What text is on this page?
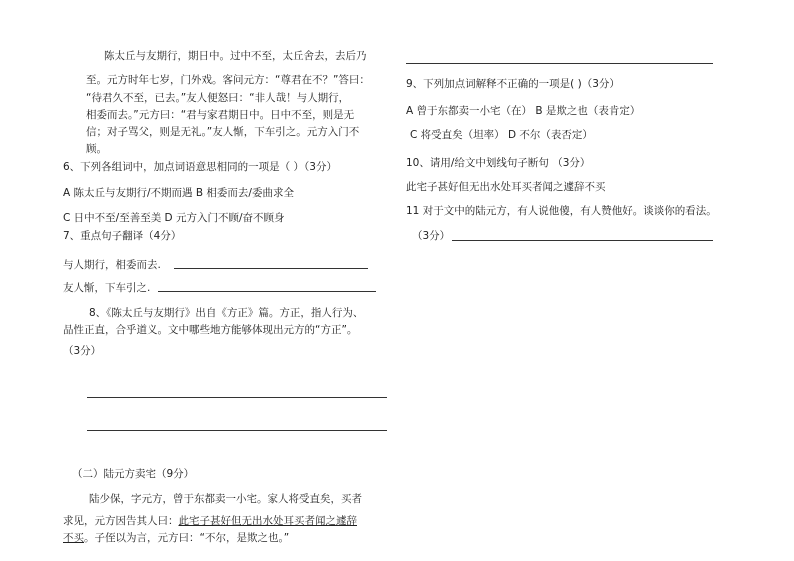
陈太丘与友期行，期日中。过中不至，太丘舍去，去后乃
至。元方时年七岁，门外戏。客问元方：“尊君在不？”答曰：
“待君久不至，已去。”友人便怒曰：“非人哉！与人期行，
相委而去。”元方曰：“君与家君期日中。日中不至，则是无
信；对子骂父，则是无礼。”友人惭，下车引之。元方入门不
顾。
6、下列各组词中，加点词语意思相同的一项是（ ）（3分）
A 陈太丘与友期行/不期而遇 B 相委而去/委曲求全
C 日中不至/至善至美 D 元方入门不顾/奋不顾身
7、重点句子翻译（4分）
与人期行，相委而去.
友人惭，下车引之.
8、《陈太丘与友期行》出自《方正》篇。方正，指人行为、
品性正直，合乎道义。文中哪些地方能够体现出元方的“方正”。
（3分）
（二）陆元方卖宅（9分）
陆少保，字元方，曾于东都卖一小宅。家人将受直矣，买者
求见，元方因告其人曰：此宅子甚好但无出水处耳买者闻之遽辞
不买。子侄以为言，元方曰：“不尔，是欺之也。”
9、下列加点词解释不正确的一项是( )（3分）
A 曾于东都卖一小宅（在） B 是欺之也（表肯定）
C 将受直矣（坦率） D 不尔（表否定）
10、请用/给文中划线句子断句 （3分）
此宅子甚好但无出水处耳买者闻之遽辞不买
11 对于文中的陆元方，有人说他傻，有人赞他好。谈谈你的看法。
（3分）
